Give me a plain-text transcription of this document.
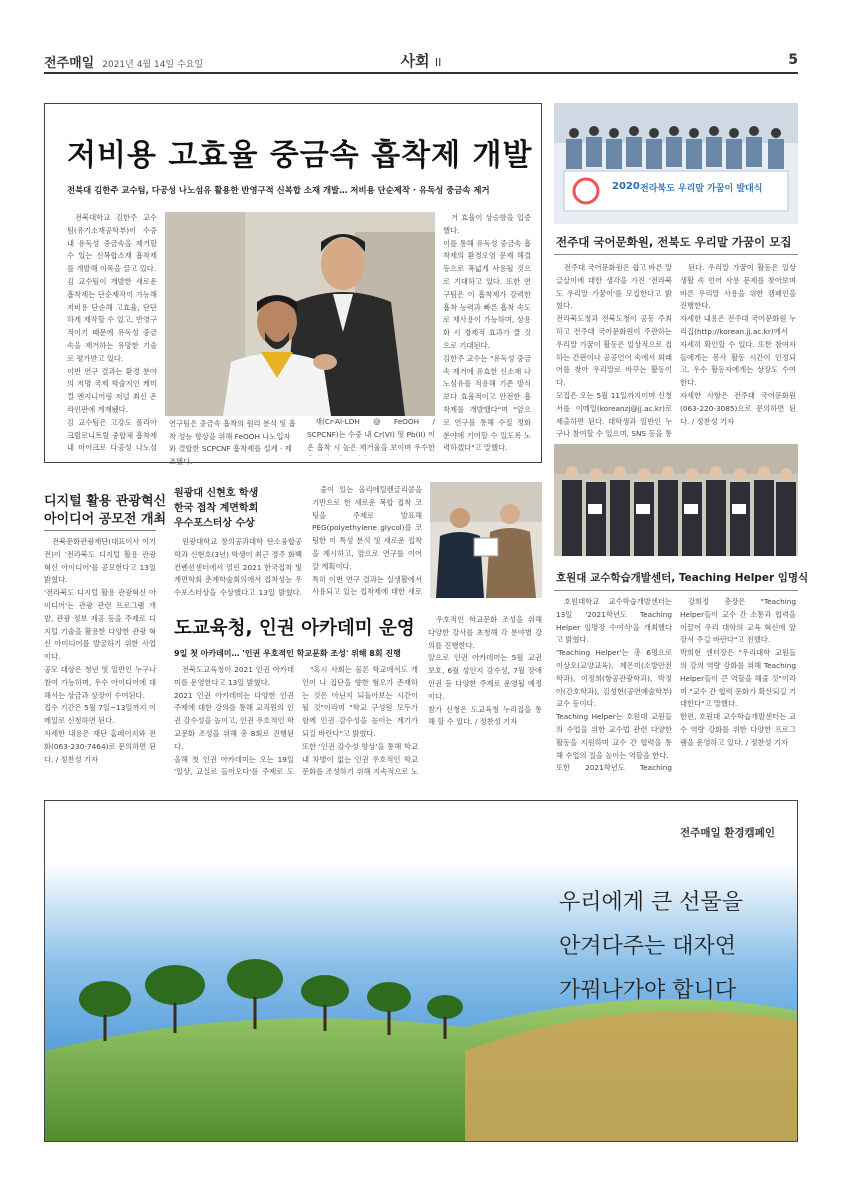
전주매일 2021년 4월 14일 수요일	사회 II	5
저비용 고효율 중금속 흡착제 개발
전북대 김한주 교수팀, 다공성 나노섬유 활용한 반영구적 신복합 소재 개발… 저비용 단순제작 · 유독성 중금속 제거

전북대학교 김한주 교수팀(유기소재공학부)이 수중 내 유독성 중금속을 제거할 수 있는 신복합소재 흡착제를 개발해 이목을 끌고 있다.
김 교수팀이 개발한 새로운 흡착제는 단순제작이 가능해 저비용 단순해 고효율, 단단하게 제작할 수 있고, 반영구적이기 때문에 유독성 중금속을 제거하는 유망한 기술로 평가받고 있다.
이번 연구 결과는 환경 분야의 저명 국제 학술지인 케미컬 엔지니어링 저널 최신 온라인판에 게재됐다.
김 교수팀은 고강도 폴리아크릴로니트릴 중합체 흡착제 내 마이크로 다공성 나노섬

연구팀은 중금속 흡착의 원리 분석 및 흡착 성능 향상을 위해 FeOOH 나노입자와 결합한 SCPCNF 흡착제를 설계 ‧ 제조했다.

재(Cr-Al-LDH @ FeOOH / SCPCNF)는 수중 내 Cr(VI) 및 Pb(II) 이온 흡착 시 높은 제거율을 보이며 우수한

거 효율이 상승함을 입증했다.
이를 통해 유독성 중금속 흡착제의 환경오염 문제 해결 등으로 폭넓게 사용될 것으로 기대하고 있다. 또한 연구팀은 이 흡착제가 강력한 흡착 능력과 빠른 흡착 속도로 재사용이 가능하며, 상용화 시 경제적 효과가 클 것으로 기대된다.
김한주 교수는 "유독성 중금속 제거에 유효한 신소재 나노섬유를 적용해 기존 방식보다 효율적이고 안전한 흡착제를 개발했다"며 "앞으로 연구를 통해 수질 정화 분야에 기여할 수 있도록 노력하겠다"고 말했다.

2020 전라북도 우리말 가꿈이 발대식
전주대 국어문화원, 전북도 우리말 가꿈이 모집

전주대 국어문화원은 쉽고 바른 말글살이에 대한 생각을 가진 '전라북도 우리말 가꿈이'를 모집한다고 밝혔다.
전라북도청과 전북도청이 공동 주최하고 전주대 국어문화원이 주관하는 우리말 가꿈이 활동은 일상적으로 접하는 간판이나 공공언어 속에서 외래어를 찾아 우리말로 바꾸는 활동이다.
모집은 오는 5월 11일까지이며 신청서를 이메일(koreanzj@jj.ac.kr)로 제출하면 된다. 대학생과 일반인 누구나 참여할 수 있으며, SNS 등을 통

된다. 우리말 가꿈이 활동은 일상생활 속 언어 사용 문제를 찾아보며 바른 우리말 사용을 위한 캠페인을 진행한다.
자세한 내용은 전주대 국어문화원 누리집(http://korean.jj.ac.kr)에서 자세히 확인할 수 있다. 또한 참여자들에게는 봉사 활동 시간이 인정되고, 우수 활동자에게는 상장도 수여한다.
자세한 사항은 전주대 국어문화원(063-220-3085)으로 문의하면 된다. / 정찬성 기자

호원대 교수학습개발센터, Teaching Helper 임명식

호원대학교 교수학습개발센터는 13일 '2021학년도 Teaching Helper 임명장 수여식'을 개최했다고 밝혔다.
'Teaching Helper'는 총 6명으로 이상오(교양교육), 제은미(소방안전학과), 이정희(항공관광학과), 박정아(간호학과), 김성현(공연예술학부) 교수 등이다.
Teaching Helper는 호원대 교원들의 수업을 위한 교수법 관련 다양한 활동을 지원하며 교수 간 협력을 통해 수업의 질을 높이는 역할을 한다.
또한 2021학년도 Teaching

강희정 총장은 "Teaching Helper들이 교수 간 소통과 협력을 이끌어 우리 대학의 교육 혁신에 앞장서 주길 바란다"고 전했다.
박희현 센터장은 "우리대학 교원들의 강의 역량 강화를 위해 Teaching Helper들이 큰 역할을 해줄 것"이라며 "교수 간 협력 문화가 확산되길 기대한다"고 말했다.
한편, 호원대 교수학습개발센터는 교수 역량 강화를 위한 다양한 프로그램을 운영하고 있다. / 정찬성 기자

디지털 활용 관광혁신
아이디어 공모전 개최

전북문화관광재단(대표이사 이기전)이 '전라북도 디지털 활용 관광혁신 아이디어'를 공모한다고 13일 밝혔다.
'전라북도 디지털 활용 관광혁신 아이디어'는 관광 관련 프로그램 개발, 관광 정보 제공 등을 주제로 디지털 기술을 활용한 다양한 관광 혁신 아이디어를 발굴하기 위한 사업이다.
공모 대상은 청년 및 일반인 누구나 참여 가능하며, 우수 아이디어에 대해서는 상금과 상장이 수여된다.
접수 기간은 5월 7일~13일까지 이메일로 신청하면 된다.
자세한 내용은 재단 홈페이지와 전화(063-230-7464)로 문의하면 된다. / 정찬성 기자

원광대 신현호 학생
한국 접착 계면학회
우수포스터상 수상

원광대학교 창의공과대학 탄소융합공학과 신현호(3년) 학생이 최근 경주 화백컨벤션센터에서 열린 2021 한국접착 및 계면학회 춘계학술회의에서 접착성능 우수포스터상을 수상했다고 13일 밝혔다.

줄이 있는 올리에틸렌글리콜을 기반으로 한 새로운 복합 접착 코팅을 주제로 발표해 PEG(polyethylene glycol)를 코팅한 이 특성 분석 및 새로운 접착을 제시하고, 앞으로 연구를 이어갈 계획이다.
특히 이번 연구 결과는 실생활에서 사용되고 있는 접착제에 대한 새로

도교육청, 인권 아카데미 운영
9일 첫 아카데미… '인권 우호적인 학교문화 조성' 위해 8회 진행

전북도교육청이 2021 인권 아카데미를 운영한다고 13일 밝혔다.
2021 인권 아카데미는 다양한 인권 주제에 대한 강의를 통해 교직원의 인권 감수성을 높이고, 인권 우호적인 학교문화 조성을 위해 총 8회로 진행된다.
올해 첫 인권 아카데미는 오는 19일 '일상, 교실로 들어오다'를 주제로 도

"혹시 사회는 물론 학교에서도 개인이 나 집단을 향한 혐오가 존재하는 것은 아닌지 되돌아보는 시간이 될 것"이라며 "학교 구성원 모두가 함께 인권 감수성을 높이는 계기가 되길 바란다"고 밝혔다.
또한 '인권 감수성 향상'을 통해 학교 내 차별이 없는 인권 우호적인 학교문화를 조성하기 위해 지속적으로 노

우호적인 학교문화 조성을 위해 다양한 강사를 초청해 각 분야별 강의를 진행한다.
앞으로 인권 아카데미는 5월 교권 보호, 6월 성인지 감수성, 7월 장애 인권 등 다양한 주제로 운영될 예정이다.
참가 신청은 도교육청 누리집을 통해 할 수 있다. / 정찬성 기자

전주매일 환경캠페인
우리에게 큰 선물을
안겨다주는 대자연
가꿔나가야 합니다
